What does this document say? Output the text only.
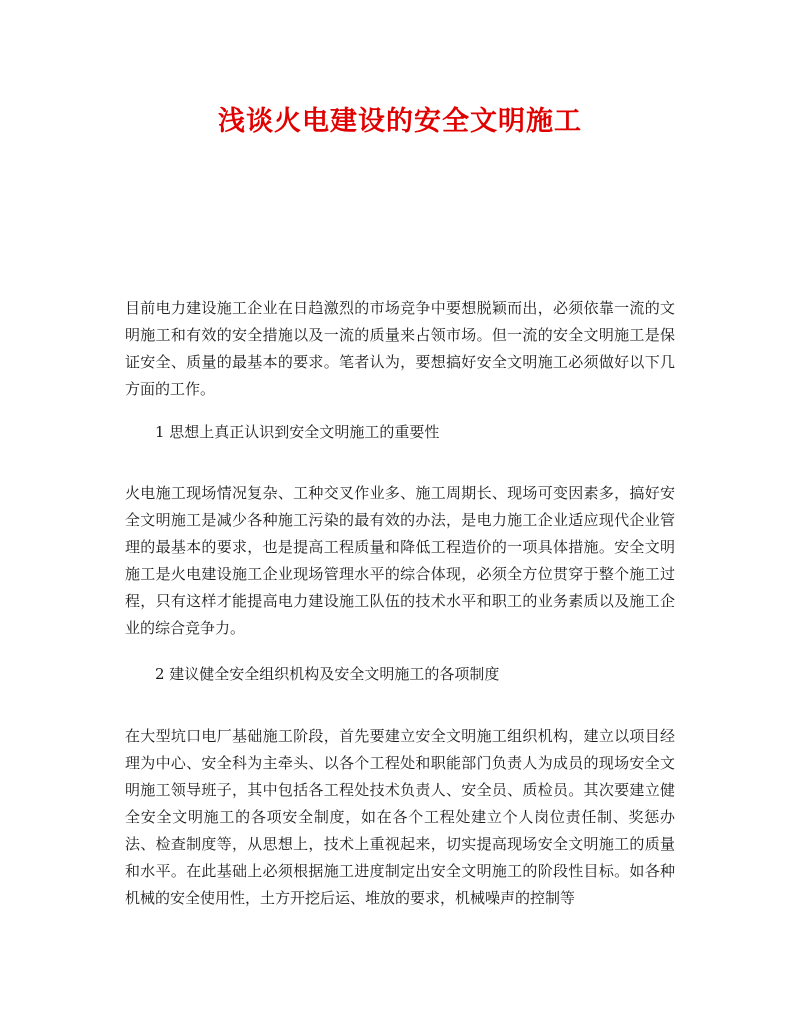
浅谈火电建设的安全文明施工

目前电力建设施工企业在日趋激烈的市场竞争中要想脱颖而出，必须依靠一流的文明施工和有效的安全措施以及一流的质量来占领市场。但一流的安全文明施工是保证安全、质量的最基本的要求。笔者认为，要想搞好安全文明施工必须做好以下几方面的工作。

1 思想上真正认识到安全文明施工的重要性

火电施工现场情况复杂、工种交叉作业多、施工周期长、现场可变因素多，搞好安全文明施工是减少各种施工污染的最有效的办法，是电力施工企业适应现代企业管理的最基本的要求，也是提高工程质量和降低工程造价的一项具体措施。安全文明施工是火电建设施工企业现场管理水平的综合体现，必须全方位贯穿于整个施工过程，只有这样才能提高电力建设施工队伍的技术水平和职工的业务素质以及施工企业的综合竞争力。

2 建议健全安全组织机构及安全文明施工的各项制度

在大型坑口电厂基础施工阶段，首先要建立安全文明施工组织机构，建立以项目经理为中心、安全科为主牵头、以各个工程处和职能部门负责人为成员的现场安全文明施工领导班子，其中包括各工程处技术负责人、安全员、质检员。其次要建立健全安全文明施工的各项安全制度，如在各个工程处建立个人岗位责任制、奖惩办法、检查制度等，从思想上，技术上重视起来，切实提高现场安全文明施工的质量和水平。在此基础上必须根据施工进度制定出安全文明施工的阶段性目标。如各种机械的安全使用性，土方开挖后运、堆放的要求，机械噪声的控制等
